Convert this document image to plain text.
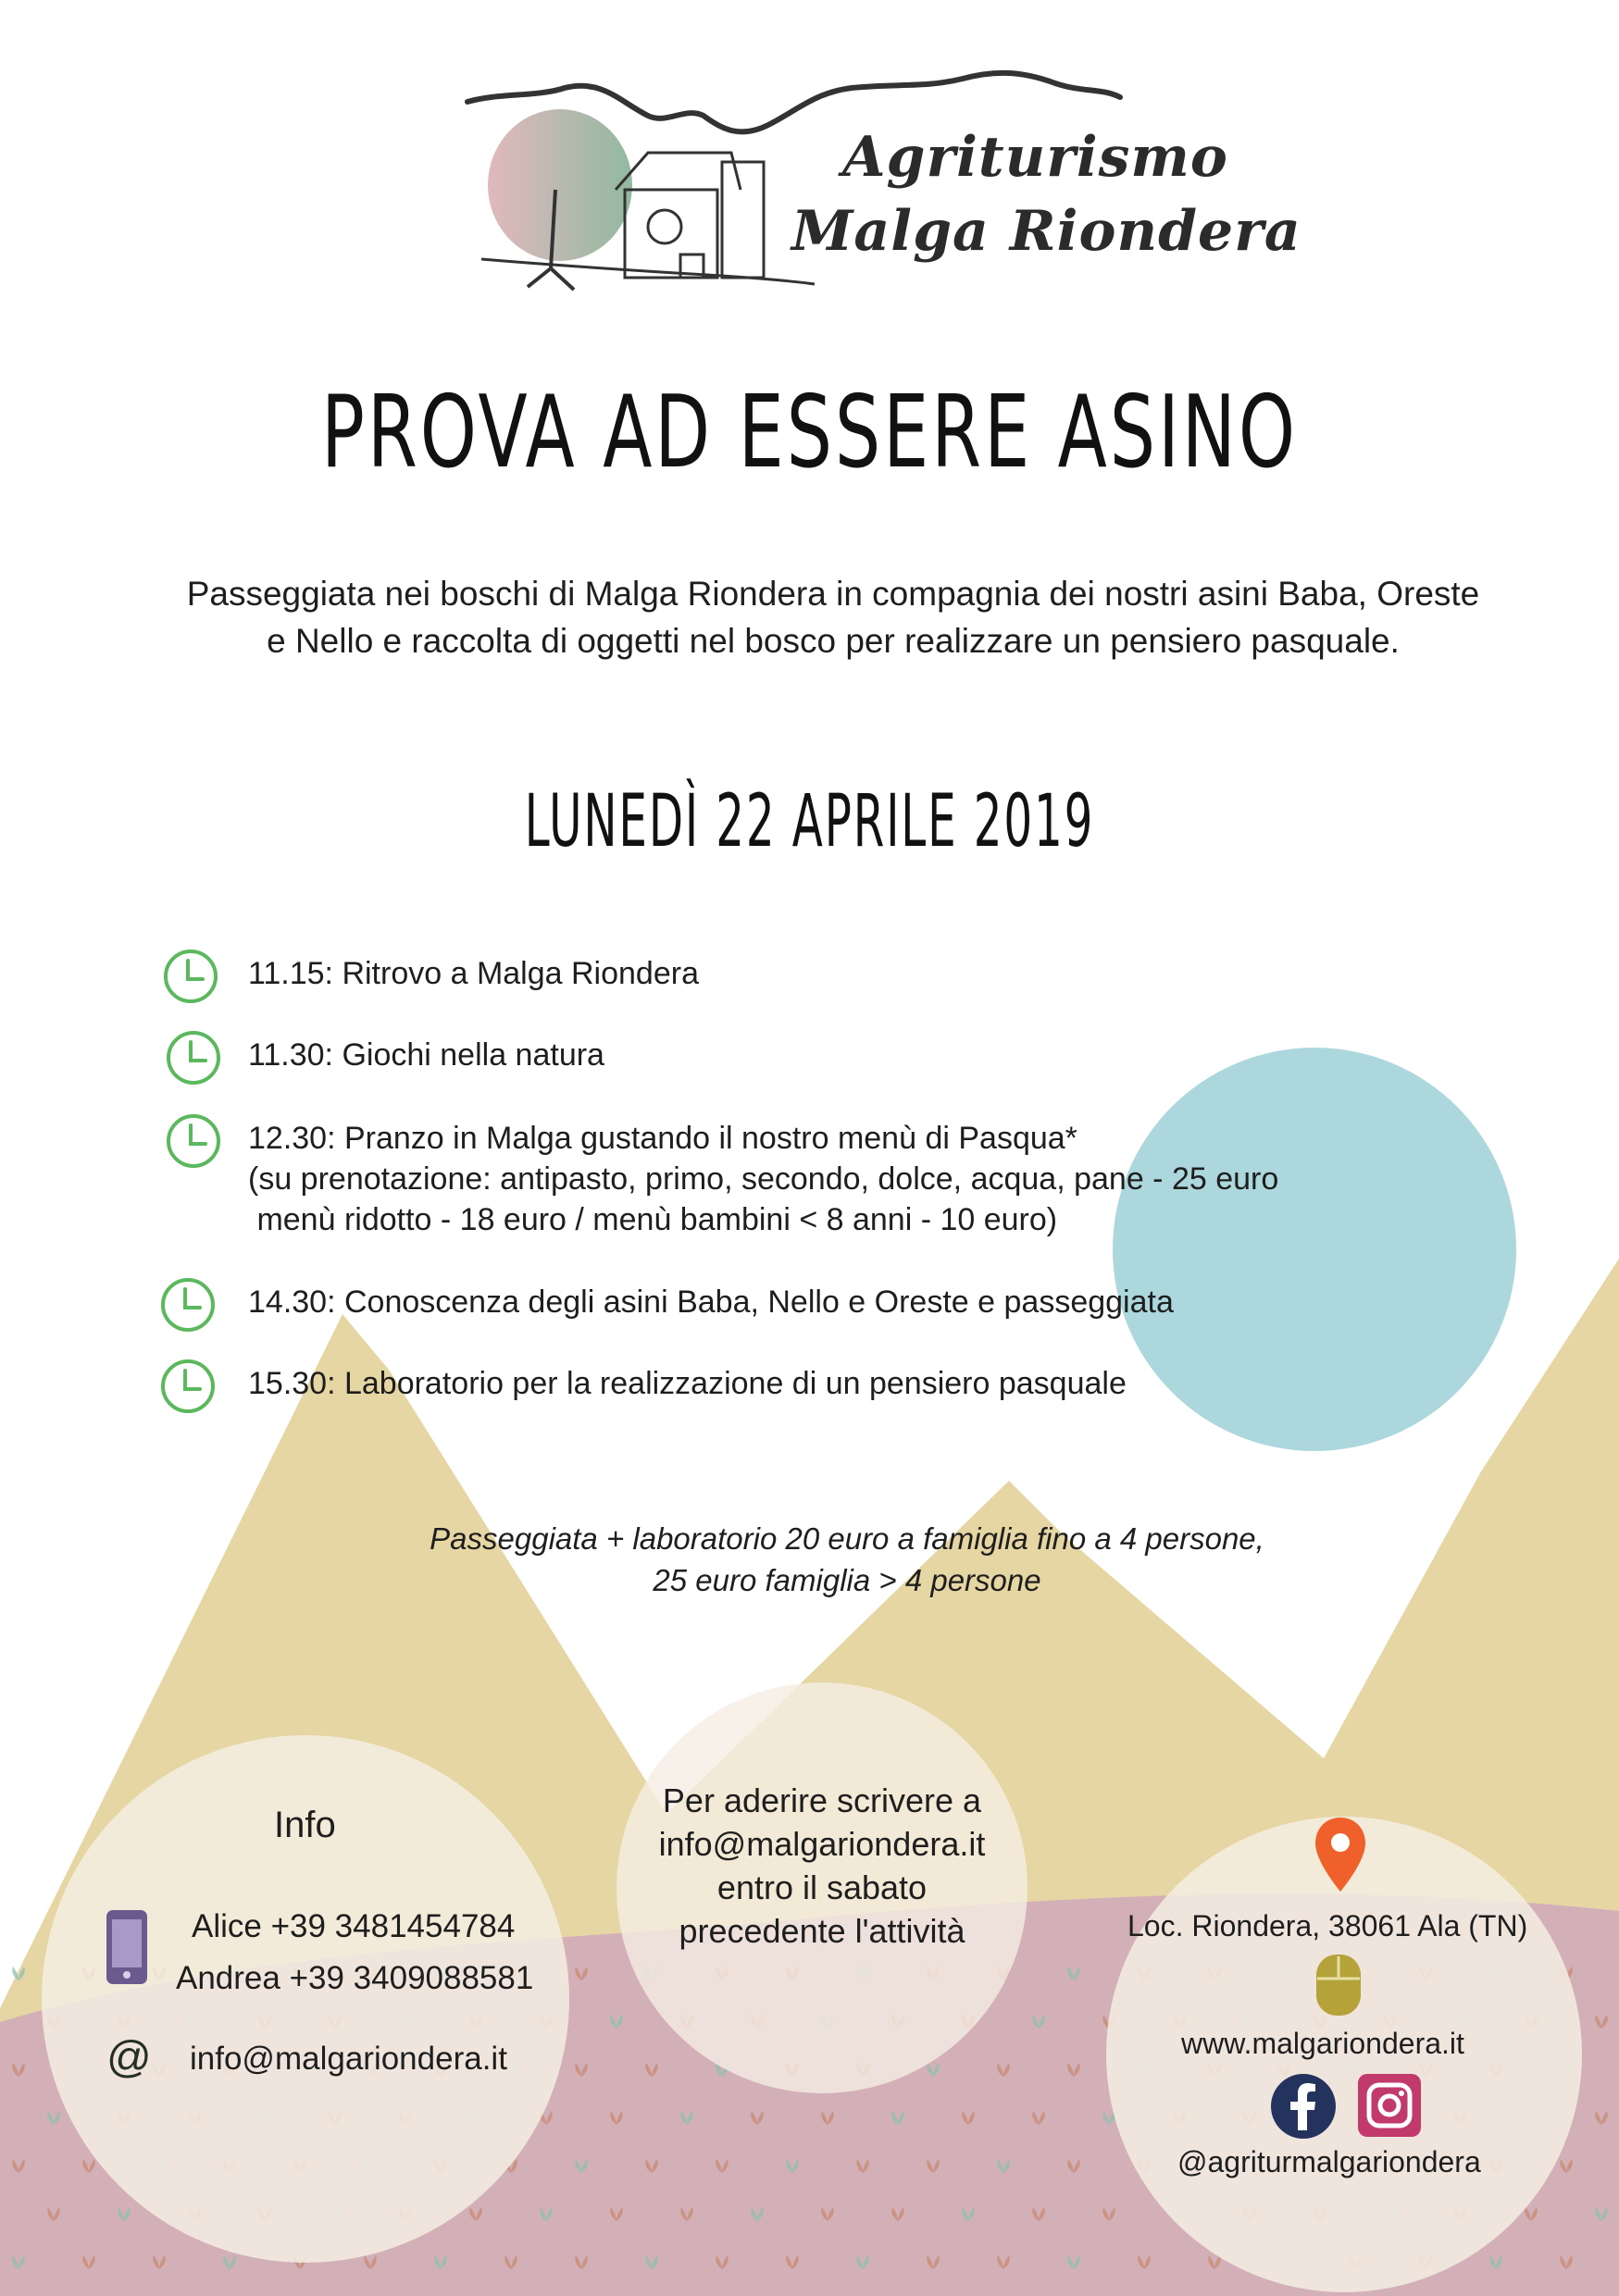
Agriturismo
Malga Riondera
PROVA AD ESSERE ASINO
Passeggiata nei boschi di Malga Riondera in compagnia dei nostri asini Baba, Oreste e Nello e raccolta di oggetti nel bosco per realizzare un pensiero pasquale.
LUNEDÌ 22 APRILE 2019
11.15: Ritrovo a Malga Riondera
11.30: Giochi nella natura
12.30: Pranzo in Malga gustando il nostro menù di Pasqua*
(su prenotazione: antipasto, primo, secondo, dolce, acqua, pane - 25 euro
menù ridotto - 18 euro / menù bambini < 8 anni - 10 euro)
14.30: Conoscenza degli asini Baba, Nello e Oreste e passeggiata
15.30: Laboratorio per la realizzazione di un pensiero pasquale
Passeggiata + laboratorio 20 euro a famiglia fino a 4 persone,
25 euro famiglia > 4 persone
Info
Alice +39 3481454784
Andrea +39 3409088581
@ info@malgariondera.it
Per aderire scrivere a
info@malgariondera.it
entro il sabato
precedente l'attività	Loc. Riondera, 38061 Ala (TN)
www.malgariondera.it
@agriturmalgariondera
